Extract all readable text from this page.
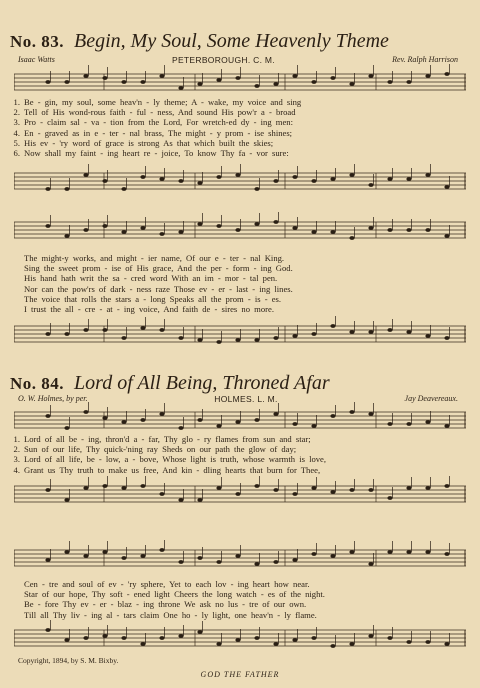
No. 83. Begin, My Soul, Some Heavenly Theme
Isaac Watts	PETERBOROUGH. C. M.	Rev. Ralph Harrison
1. Be - gin, my soul, some heav'n - ly theme; A - wake, my voice and sing
2. Tell of His wond-rous faith - ful - ness, And sound His pow'r a - broad
3. Pro - claim sal - va - tion from the Lord, For wretch-ed dy - ing men:
4. En - graved as in e - ter - nal brass, The might - y prom - ise shines;
5. His ev - 'ry word of grace is strong As that which built the skies;
6. Now shall my faint - ing heart re - joice, To know Thy fa - vor sure:
The might-y works, and might - ier name, Of our e - ter - nal King.
Sing the sweet prom - ise of His grace, And the per - form - ing God.
His hand hath writ the sa - cred word With an im - mor - tal pen.
Nor can the pow'rs of dark - ness raze Those ev - er - last - ing lines.
The voice that rolls the stars a - long Speaks all the prom - is - es.
I trust the all - cre - at - ing voice, And faith de - sires no more.
No. 84. Lord of All Being, Throned Afar
O. W. Holmes, by per.	HOLMES. L. M.	Jay Deavereaux.
1. Lord of all be - ing, thron'd a - far, Thy glo - ry flames from sun and star;
2. Sun of our life, Thy quick-'ning ray Sheds on our path the glow of day;
3. Lord of all life, be - low, a - bove, Whose light is truth, whose warmth is love,
4. Grant us Thy truth to make us free, And kin - dling hearts that burn for Thee,
Cen - tre and soul of ev - 'ry sphere, Yet to each lov - ing heart how near.
Star of our hope, Thy soft - ened light Cheers the long watch - es of the night.
Be - fore Thy ev - er - blaz - ing throne We ask no lus - tre of our own.
Till all Thy liv - ing al - tars claim One ho - ly light, one heav'n - ly flame.
Copyright, 1894, by S. M. Bixby.
GOD THE FATHER
